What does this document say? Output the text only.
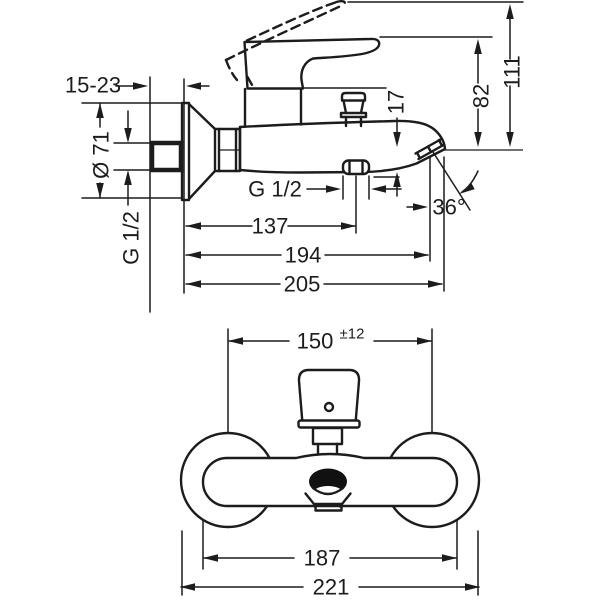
15-23
Ø 71
G 1/2
17	82
111
G 1/2
36°
137
194
205
150 ±12
187
221
